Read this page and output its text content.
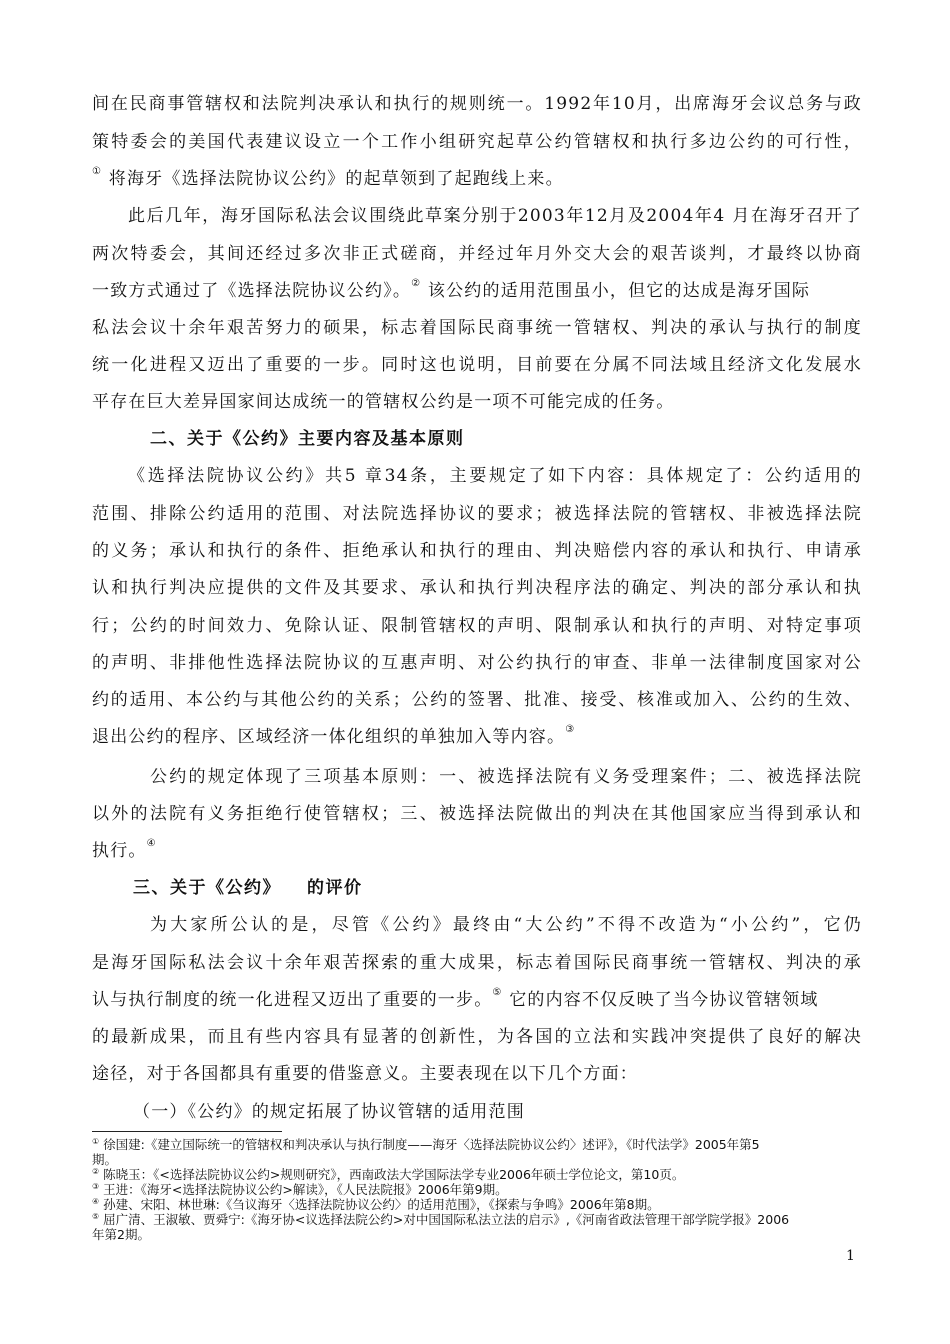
间在民商事管辖权和法院判决承认和执行的规则统一。1992年10月，出席海牙会议总务与政
策特委会的美国代表建议设立一个工作小组研究起草公约管辖权和执行多边公约的可行性，
① 将海牙《选择法院协议公约》的起草领到了起跑线上来。
此后几年，海牙国际私法会议围绕此草案分别于2003年12月及2004年4 月在海牙召开了
两次特委会，其间还经过多次非正式磋商，并经过年月外交大会的艰苦谈判，才最终以协商
一致方式通过了《选择法院协议公约》。② 该公约的适用范围虽小，但它的达成是海牙国际
私法会议十余年艰苦努力的硕果，标志着国际民商事统一管辖权、判决的承认与执行的制度
统一化进程又迈出了重要的一步。同时这也说明，目前要在分属不同法域且经济文化发展水
平存在巨大差异国家间达成统一的管辖权公约是一项不可能完成的任务。
二、关于《公约》主要内容及基本原则
《选择法院协议公约》共5 章34条，主要规定了如下内容：具体规定了：公约适用的
范围、排除公约适用的范围、对法院选择协议的要求；被选择法院的管辖权、非被选择法院
的义务；承认和执行的条件、拒绝承认和执行的理由、判决赔偿内容的承认和执行、申请承
认和执行判决应提供的文件及其要求、承认和执行判决程序法的确定、判决的部分承认和执
行；公约的时间效力、免除认证、限制管辖权的声明、限制承认和执行的声明、对特定事项
的声明、非排他性选择法院协议的互惠声明、对公约执行的审查、非单一法律制度国家对公
约的适用、本公约与其他公约的关系；公约的签署、批准、接受、核准或加入、公约的生效、
退出公约的程序、区域经济一体化组织的单独加入等内容。③
公约的规定体现了三项基本原则：一、被选择法院有义务受理案件；二、被选择法院
以外的法院有义务拒绝行使管辖权；三、被选择法院做出的判决在其他国家应当得到承认和
执行。④
三、关于《公约》 的评价
为大家所公认的是，尽管《公约》最终由“大公约”不得不改造为“小公约”，它仍
是海牙国际私法会议十余年艰苦探索的重大成果，标志着国际民商事统一管辖权、判决的承
认与执行制度的统一化进程又迈出了重要的一步。⑤ 它的内容不仅反映了当今协议管辖领域
的最新成果，而且有些内容具有显著的创新性，为各国的立法和实践冲突提供了良好的解决
途径，对于各国都具有重要的借鉴意义。主要表现在以下几个方面：
（一）《公约》的规定拓展了协议管辖的适用范围
① 徐国建:《建立国际统一的管辖权和判决承认与执行制度——海牙〈选择法院协议公约〉述评》，《时代法学》2005年第5
期。
② 陈晓玉：《<选择法院协议公约>规则研究》，西南政法大学国际法学专业2006年硕士学位论文，第10页。
③ 王进：《海牙<选择法院协议公约>解读》，《人民法院报》2006年第9期。
④ 孙建、宋阳、林世琳:《刍议海牙〈选择法院协议公约〉的适用范围》，《探索与争鸣》2006年第8期。
⑤ 屈广清、王淑敏、贾舜宁:《海牙协<议选择法院公约>对中国国际私法立法的启示》,《河南省政法管理干部学院学报》2006
年第2期。
1
